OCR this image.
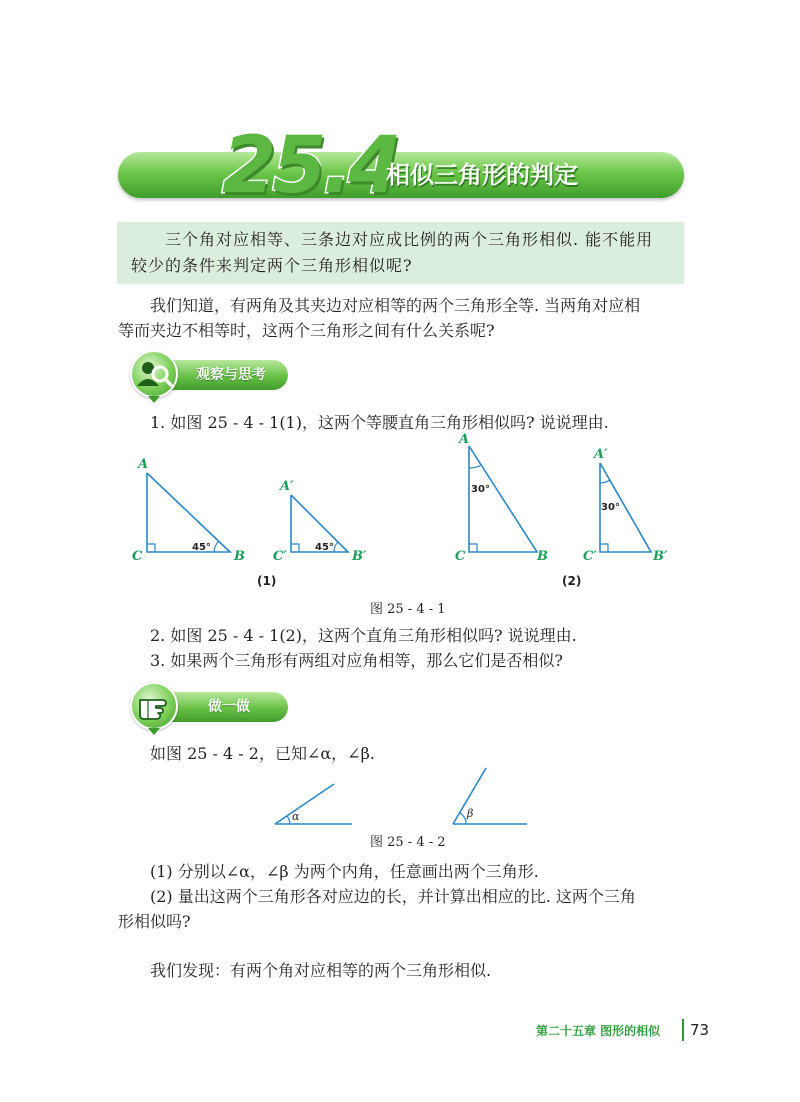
25.4
相似三角形的判定

三个角对应相等、三条边对应成比例的两个三角形相似. 能不能用

较少的条件来判定两个三角形相似呢?

我们知道，有两角及其夹边对应相等的两个三角形全等. 当两角对应相
等而夹边不相等时，这两个三角形之间有什么关系呢?
观察与思考
1. 如图 25 - 4 - 1(1)，这两个等腰直角三角形相似吗? 说说理由.
A
C	B
45°
A′
C′	B′
45°
(1)
A
C	B
30°
A′
C′	B′
30°
(2)
图 25 - 4 - 1
2. 如图 25 - 4 - 1(2)，这两个直角三角形相似吗? 说说理由.
3. 如果两个三角形有两组对应角相等，那么它们是否相似?
做一做
如图 25 - 4 - 2，已知∠α，∠β.
α	β
图 25 - 4 - 2
(1) 分别以∠α，∠β 为两个内角，任意画出两个三角形.
(2) 量出这两个三角形各对应边的长，并计算出相应的比. 这两个三角
形相似吗?
我们发现：有两个角对应相等的两个三角形相似.
第二十五章 图形的相似 73
